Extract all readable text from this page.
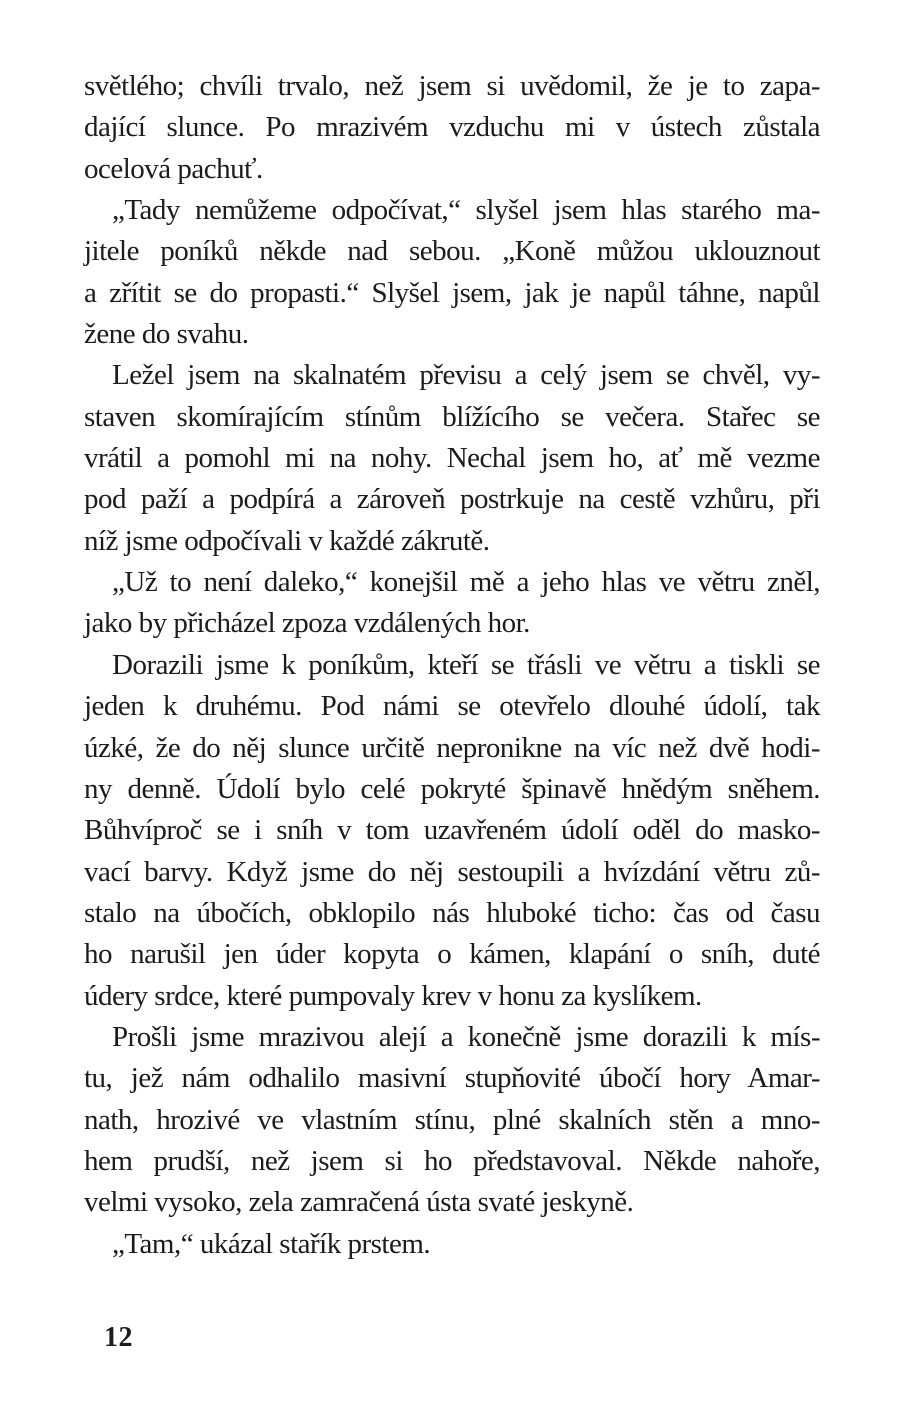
světlého; chvíli trvalo, než jsem si uvědomil, že je to zapa-
dající slunce. Po mrazivém vzduchu mi v ústech zůstala
ocelová pachuť.
„Tady nemůžeme odpočívat,“ slyšel jsem hlas starého ma-
jitele poníků někde nad sebou. „Koně můžou uklouznout
a zřítit se do propasti.“ Slyšel jsem, jak je napůl táhne, napůl
žene do svahu.
Ležel jsem na skalnatém převisu a celý jsem se chvěl, vy-
staven skomírajícím stínům blížícího se večera. Stařec se
vrátil a pomohl mi na nohy. Nechal jsem ho, ať mě vezme
pod paží a podpírá a zároveň postrkuje na cestě vzhůru, při
níž jsme odpočívali v každé zákrutě.
„Už to není daleko,“ konejšil mě a jeho hlas ve větru zněl,
jako by přicházel zpoza vzdálených hor.
Dorazili jsme k poníkům, kteří se třásli ve větru a tiskli se
jeden k druhému. Pod námi se otevřelo dlouhé údolí, tak
úzké, že do něj slunce určitě nepronikne na víc než dvě hodi-
ny denně. Údolí bylo celé pokryté špinavě hnědým sněhem.
Bůhvíproč se i sníh v tom uzavřeném údolí oděl do masko-
vací barvy. Když jsme do něj sestoupili a hvízdání větru zů-
stalo na úbočích, obklopilo nás hluboké ticho: čas od času
ho narušil jen úder kopyta o kámen, klapání o sníh, duté
údery srdce, které pumpovaly krev v honu za kyslíkem.
Prošli jsme mrazivou alejí a konečně jsme dorazili k mís-
tu, jež nám odhalilo masivní stupňovité úbočí hory Amar-
nath, hrozivé ve vlastním stínu, plné skalních stěn a mno-
hem prudší, než jsem si ho představoval. Někde nahoře,
velmi vysoko, zela zamračená ústa svaté jeskyně.
„Tam,“ ukázal stařík prstem.
12
